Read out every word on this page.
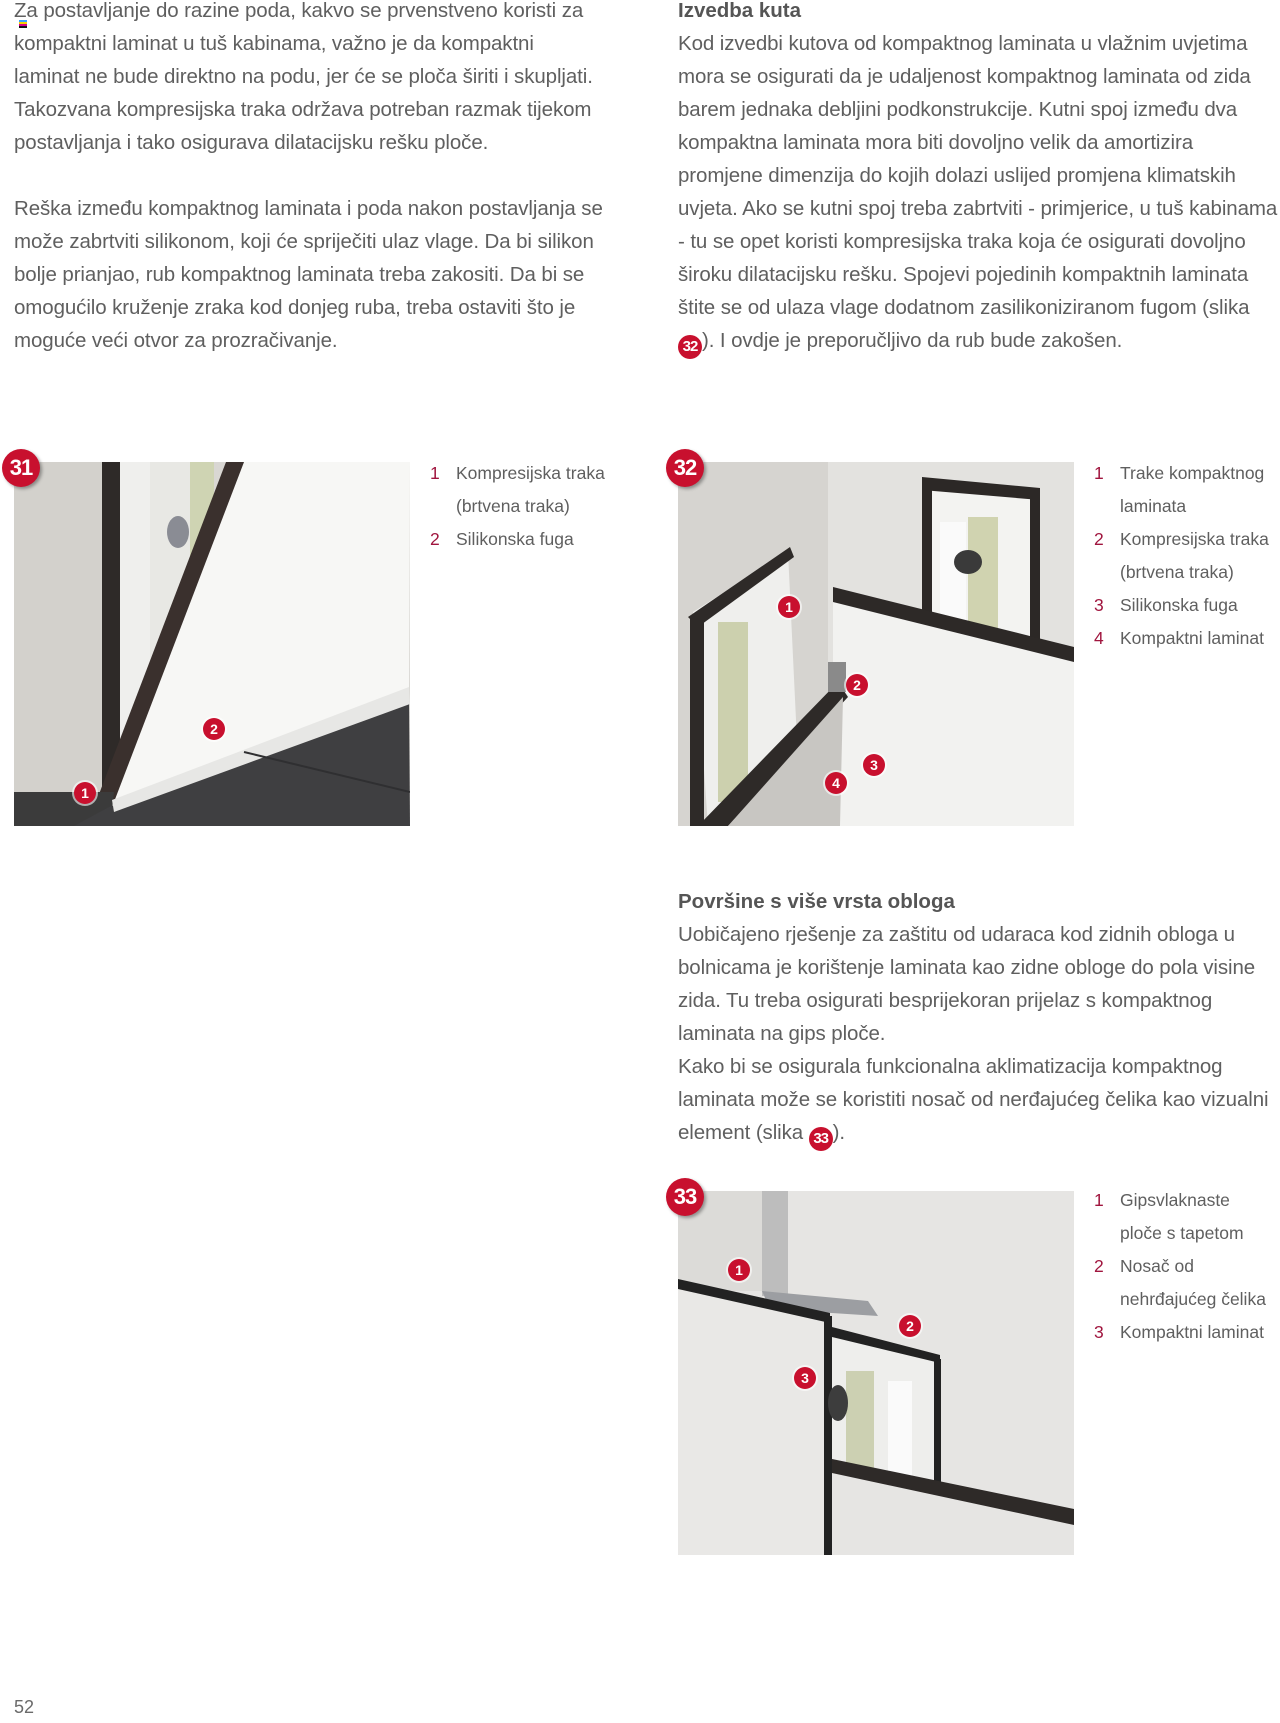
Za postavljanje do razine poda, kakvo se prvenstveno koristi za kompaktni laminat u tuš kabinama, važno je da kompaktni laminat ne bude direktno na podu, jer će se ploča širiti i skupljati. Takozvana kompresijska traka održava potreban razmak tijekom postavljanja i tako osigurava dilatacijsku rešku ploče.

Reška između kompaktnog laminata i poda nakon postavljanja se može zabrtviti silikonom, koji će spriječiti ulaz vlage. Da bi silikon bolje prianjao, rub kompaktnog laminata treba zakositi. Da bi se omogućilo kruženje zraka kod donjeg ruba, treba ostaviti što je moguće veći otvor za prozračivanje.

Izvedba kuta

Kod izvedbi kutova od kompaktnog laminata u vlažnim uvjetima mora se osigurati da je udaljenost kompaktnog laminata od zida barem jednaka debljini podkonstrukcije. Kutni spoj između dva kompaktna laminata mora biti dovoljno velik da amortizira promjene dimenzija do kojih dolazi uslijed promjena klimatskih uvjeta. Ako se kutni spoj treba zabrtviti - primjerice, u tuš kabinama - tu se opet koristi kompresijska traka koja će osigurati dovoljno široku dilatacijsku rešku. Spojevi pojedinih kompaktnih laminata štite se od ulaza vlage dodatnom zasilikoniziranom fugom (slika 32 ). I ovdje je preporučljivo da rub bude zakošen.

31
1
2
1 Kompresijska traka
(brtvena traka)
2 Silikonska fuga
32
1
2
3
4
1 Trake kompaktnog
laminata
2 Kompresijska traka
(brtvena traka)
3 Silikonska fuga
4 Kompaktni laminat
Površine s više vrsta obloga

Uobičajeno rješenje za zaštitu od udaraca kod zidnih obloga u bolnicama je korištenje laminata kao zidne obloge do pola visine zida. Tu treba osigurati besprijekoran prijelaz s kompaktnog laminata na gips ploče.

Kako bi se osigurala funkcionalna aklimatizacija kompaktnog laminata može se koristiti nosač od nerđajućeg čelika kao vizualni element (slika 33 ).

33
1
2
3
1 Gipsvlaknaste
ploče s tapetom
2 Nosač od
nehrđajućeg čelika
3 Kompaktni laminat
52
